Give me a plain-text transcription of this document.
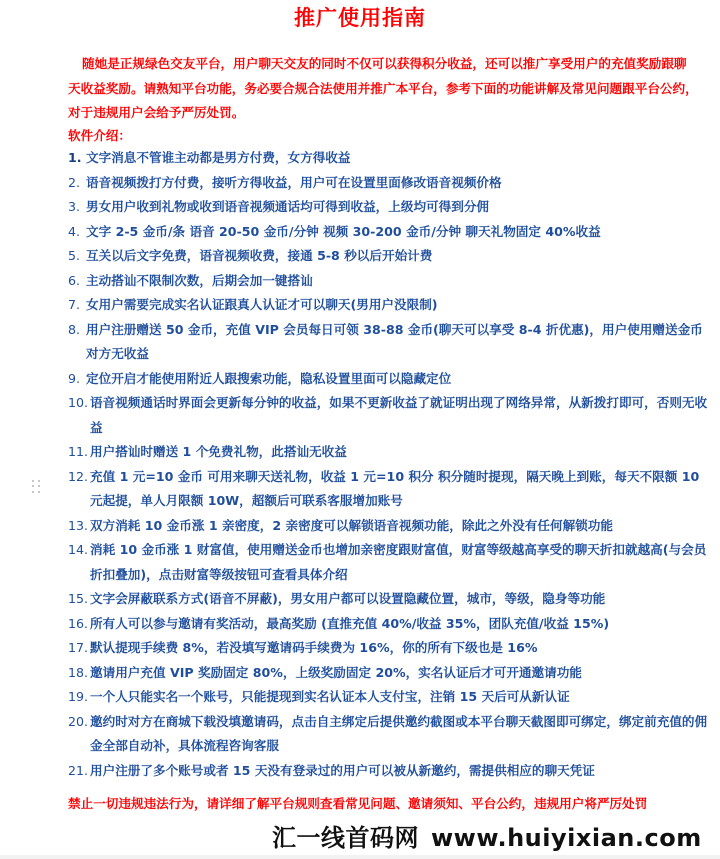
推广使用指南

随她是正规绿色交友平台，用户聊天交友的同时不仅可以获得积分收益，还可以推广享受用户的充值奖励跟聊天收益奖励。请熟知平台功能，务必要合规合法使用并推广本平台，参考下面的功能讲解及常见问题跟平台公约，对于违规用户会给予严厉处罚。

软件介绍：
1. 文字消息不管谁主动都是男方付费，女方得收益
2. 语音视频拨打方付费，接听方得收益，用户可在设置里面修改语音视频价格
3. 男女用户收到礼物或收到语音视频通话均可得到收益，上级均可得到分佣
4. 文字 2-5 金币/条 语音 20-50 金币/分钟 视频 30-200 金币/分钟 聊天礼物固定 40%收益
5. 互关以后文字免费，语音视频收费，接通 5-8 秒以后开始计费
6. 主动搭讪不限制次数，后期会加一键搭讪
7. 女用户需要完成实名认证跟真人认证才可以聊天(男用户没限制)
8. 用户注册赠送 50 金币，充值 VIP 会员每日可领 38-88 金币(聊天可以享受 8-4 折优惠)，用户使用赠送金币对方无收益
9. 定位开启才能使用附近人跟搜索功能，隐私设置里面可以隐藏定位
10. 语音视频通话时界面会更新每分钟的收益，如果不更新收益了就证明出现了网络异常，从新拨打即可，否则无收益
11. 用户搭讪时赠送 1 个免费礼物，此搭讪无收益
12. 充值 1 元=10 金币 可用来聊天送礼物，收益 1 元=10 积分 积分随时提现，隔天晚上到账，每天不限额 10 元起提，单人月限额 10W，超额后可联系客服增加账号
13. 双方消耗 10 金币涨 1 亲密度，2 亲密度可以解锁语音视频功能，除此之外没有任何解锁功能
14. 消耗 10 金币涨 1 财富值，使用赠送金币也增加亲密度跟财富值，财富等级越高享受的聊天折扣就越高(与会员折扣叠加)，点击财富等级按钮可查看具体介绍
15. 文字会屏蔽联系方式(语音不屏蔽)，男女用户都可以设置隐藏位置，城市，等级，隐身等功能
16. 所有人可以参与邀请有奖活动，最高奖励 (直推充值 40%/收益 35%，团队充值/收益 15%)
17. 默认提现手续费 8%，若没填写邀请码手续费为 16%，你的所有下级也是 16%
18. 邀请用户充值 VIP 奖励固定 80%，上级奖励固定 20%，实名认证后才可开通邀请功能
19. 一个人只能实名一个账号，只能提现到实名认证本人支付宝，注销 15 天后可从新认证
20. 邀约时对方在商城下载没填邀请码，点击自主绑定后提供邀约截图或本平台聊天截图即可绑定，绑定前充值的佣金全部自动补，具体流程咨询客服
21. 用户注册了多个账号或者 15 天没有登录过的用户可以被从新邀约，需提供相应的聊天凭证

禁止一切违规违法行为，请详细了解平台规则查看常见问题、邀请须知、平台公约，违规用户将严厉处罚

汇一线首码网 www.huiyixian.com
